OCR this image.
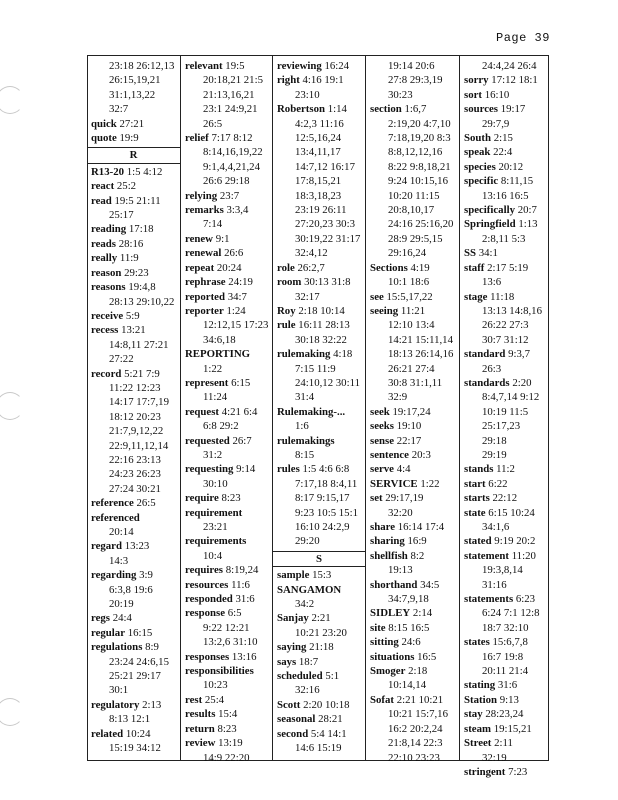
Page 39
23:18 26:12,13
26:15,19,21
31:1,13,22
32:7
quick 27:21
quote 19:9
R
R13-20 1:5 4:12
react 25:2
read 19:5 21:11
25:17
reading 17:18
reads 28:16
really 11:9
reason 29:23
reasons 19:4,8
28:13 29:10,22
receive 5:9
recess 13:21
14:8,11 27:21
27:22
record 5:21 7:9
11:22 12:23
14:17 17:7,19
18:12 20:23
21:7,9,12,22
22:9,11,12,14
22:16 23:13
24:23 26:23
27:24 30:21
reference 26:5
referenced
20:14
regard 13:23
14:3
regarding 3:9
6:3,8 19:6
20:19
regs 24:4
regular 16:15
regulations 8:9
23:24 24:6,15
25:21 29:17
30:1
regulatory 2:13
8:13 12:1
related 10:24
15:19 34:12
relevant 19:5
20:18,21 21:5
21:13,16,21
23:1 24:9,21
26:5
relief 7:17 8:12
8:14,16,19,22
9:1,4,4,21,24
26:6 29:18
relying 23:7
remarks 3:3,4
7:14
renew 9:1
renewal 26:6
repeat 20:24
rephrase 24:19
reported 34:7
reporter 1:24
12:12,15 17:23
34:6,18
REPORTING
1:22
represent 6:15
11:24
request 4:21 6:4
6:8 29:2
requested 26:7
31:2
requesting 9:14
30:10
require 8:23
requirement
23:21
requirements
10:4
requires 8:19,24
resources 11:6
responded 31:6
response 6:5
9:22 12:21
13:2,6 31:10
responses 13:16
responsibilities
10:23
rest 25:4
results 15:4
return 8:23
review 13:19
14:9 22:20
reviewing 16:24
right 4:16 19:1
23:10
Robertson 1:14
4:2,3 11:16
12:5,16,24
13:4,11,17
14:7,12 16:17
17:8,15,21
18:3,18,23
23:19 26:11
27:20,23 30:3
30:19,22 31:17
32:4,12
role 26:2,7
room 30:13 31:8
32:17
Roy 2:18 10:14
rule 16:11 28:13
30:18 32:22
rulemaking 4:18
7:15 11:9
24:10,12 30:11
31:4
Rulemaking-...
1:6
rulemakings
8:15
rules 1:5 4:6 6:8
7:17,18 8:4,11
8:17 9:15,17
9:23 10:5 15:1
16:10 24:2,9
29:20
S
sample 15:3
SANGAMON
34:2
Sanjay 2:21
10:21 23:20
saying 21:18
says 18:7
scheduled 5:1
32:16
Scott 2:20 10:18
seasonal 28:21
second 5:4 14:1
14:6 15:19
19:14 20:6
27:8 29:3,19
30:23
section 1:6,7
2:19,20 4:7,10
7:18,19,20 8:3
8:8,12,12,16
8:22 9:8,18,21
9:24 10:15,16
10:20 11:15
20:8,10,17
24:16 25:16,20
28:9 29:5,15
29:16,24
Sections 4:19
10:1 18:6
see 15:5,17,22
seeing 11:21
12:10 13:4
14:21 15:11,14
18:13 26:14,16
26:21 27:4
30:8 31:1,11
32:9
seek 19:17,24
seeks 19:10
sense 22:17
sentence 20:3
serve 4:4
SERVICE 1:22
set 29:17,19
32:20
share 16:14 17:4
sharing 16:9
shellfish 8:2
19:13
shorthand 34:5
34:7,9,18
SIDLEY 2:14
site 8:15 16:5
sitting 24:6
situations 16:5
Smoger 2:18
10:14,14
Sofat 2:21 10:21
10:21 15:7,16
16:2 20:2,24
21:8,14 22:3
22:10 23:23
24:4,24 26:4
sorry 17:12 18:1
sort 16:10
sources 19:17
29:7,9
South 2:15
speak 22:4
species 20:12
specific 8:11,15
13:16 16:5
specifically 20:7
Springfield 1:13
2:8,11 5:3
SS 34:1
staff 2:17 5:19
13:6
stage 11:18
13:13 14:8,16
26:22 27:3
30:7 31:12
standard 9:3,7
26:3
standards 2:20
8:4,7,14 9:12
10:19 11:5
25:17,23 29:18
29:19
stands 11:2
start 6:22
starts 22:12
state 6:15 10:24
34:1,6
stated 9:19 20:2
statement 11:20
19:3,8,14
31:16
statements 6:23
6:24 7:1 12:8
18:7 32:10
states 15:6,7,8
16:7 19:8
20:11 21:4
stating 31:6
Station 9:13
stay 28:23,24
steam 19:15,21
Street 2:11
32:19
stringent 7:23
